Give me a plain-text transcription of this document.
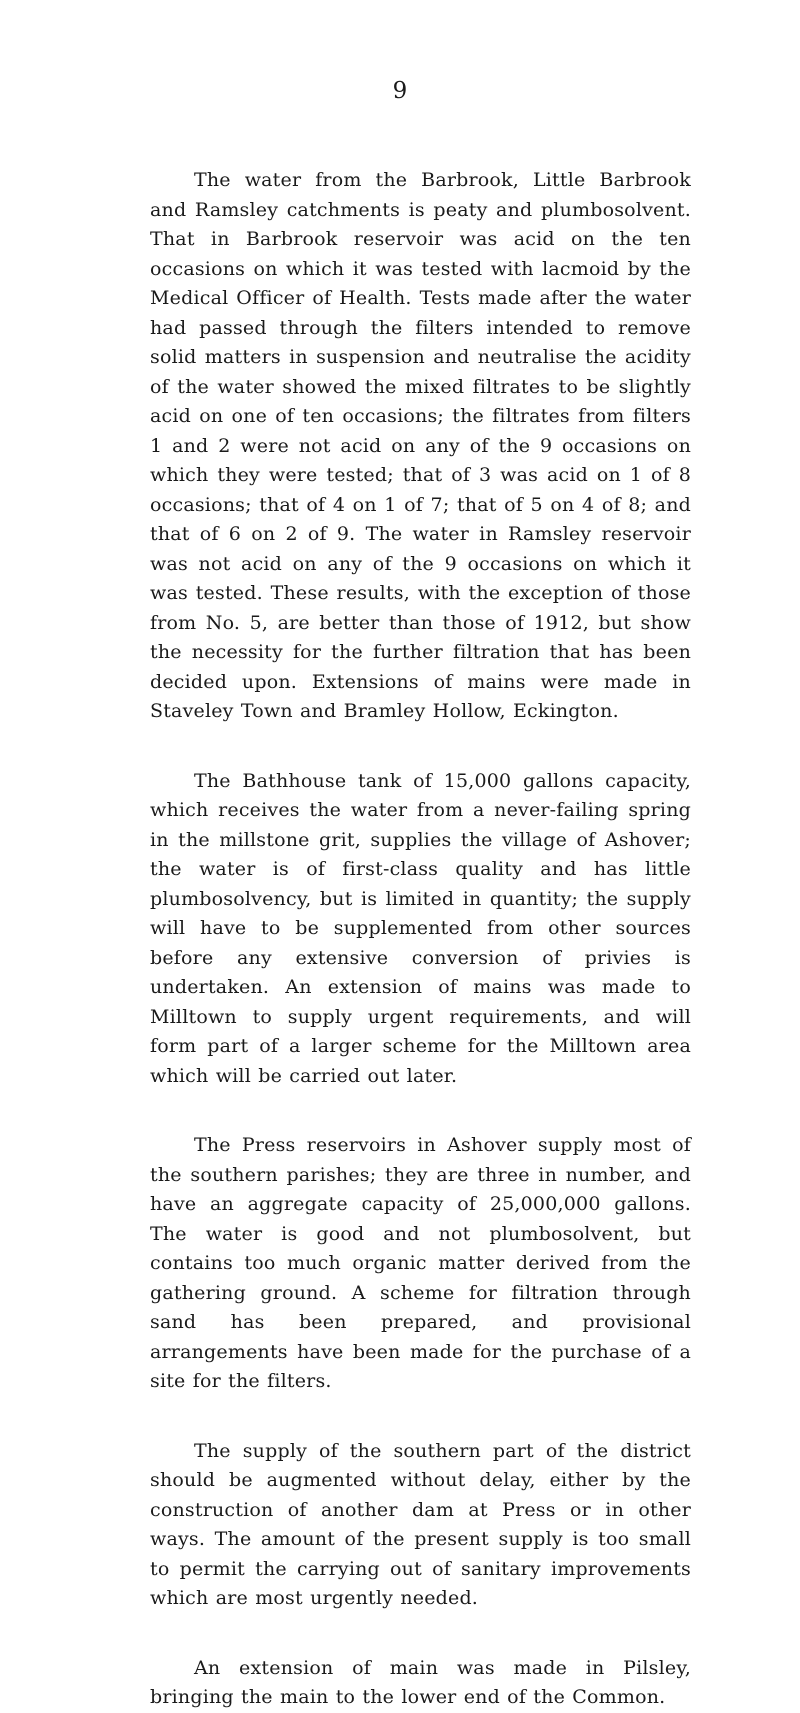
9

The water from the Barbrook, Little Barbrook and Ramsley catchments is peaty and plumbosolvent. That in Barbrook reservoir was acid on the ten occasions on which it was tested with lacmoid by the Medical Officer of Health. Tests made after the water had passed through the filters intended to remove solid matters in suspension and neutralise the acidity of the water showed the mixed filtrates to be slightly acid on one of ten occasions; the filtrates from filters 1 and 2 were not acid on any of the 9 occasions on which they were tested; that of 3 was acid on 1 of 8 occasions; that of 4 on 1 of 7; that of 5 on 4 of 8; and that of 6 on 2 of 9. The water in Ramsley reservoir was not acid on any of the 9 occasions on which it was tested. These results, with the exception of those from No. 5, are better than those of 1912, but show the necessity for the further filtration that has been decided upon. Extensions of mains were made in Staveley Town and Bramley Hollow, Eckington.

The Bathhouse tank of 15,000 gallons capacity, which receives the water from a never-failing spring in the millstone grit, supplies the village of Ashover; the water is of first-class quality and has little plumbosolvency, but is limited in quantity; the supply will have to be supplemented from other sources before any extensive conversion of privies is undertaken. An extension of mains was made to Milltown to supply urgent requirements, and will form part of a larger scheme for the Milltown area which will be carried out later.

The Press reservoirs in Ashover supply most of the southern parishes; they are three in number, and have an aggregate capacity of 25,000,000 gallons. The water is good and not plumbosolvent, but contains too much organic matter derived from the gathering ground. A scheme for filtration through sand has been prepared, and provisional arrangements have been made for the purchase of a site for the filters.

The supply of the southern part of the district should be augmented without delay, either by the construction of another dam at Press or in other ways. The amount of the present supply is too small to permit the carrying out of sanitary improvements which are most urgently needed.

An extension of main was made in Pilsley, bringing the main to the lower end of the Common.
